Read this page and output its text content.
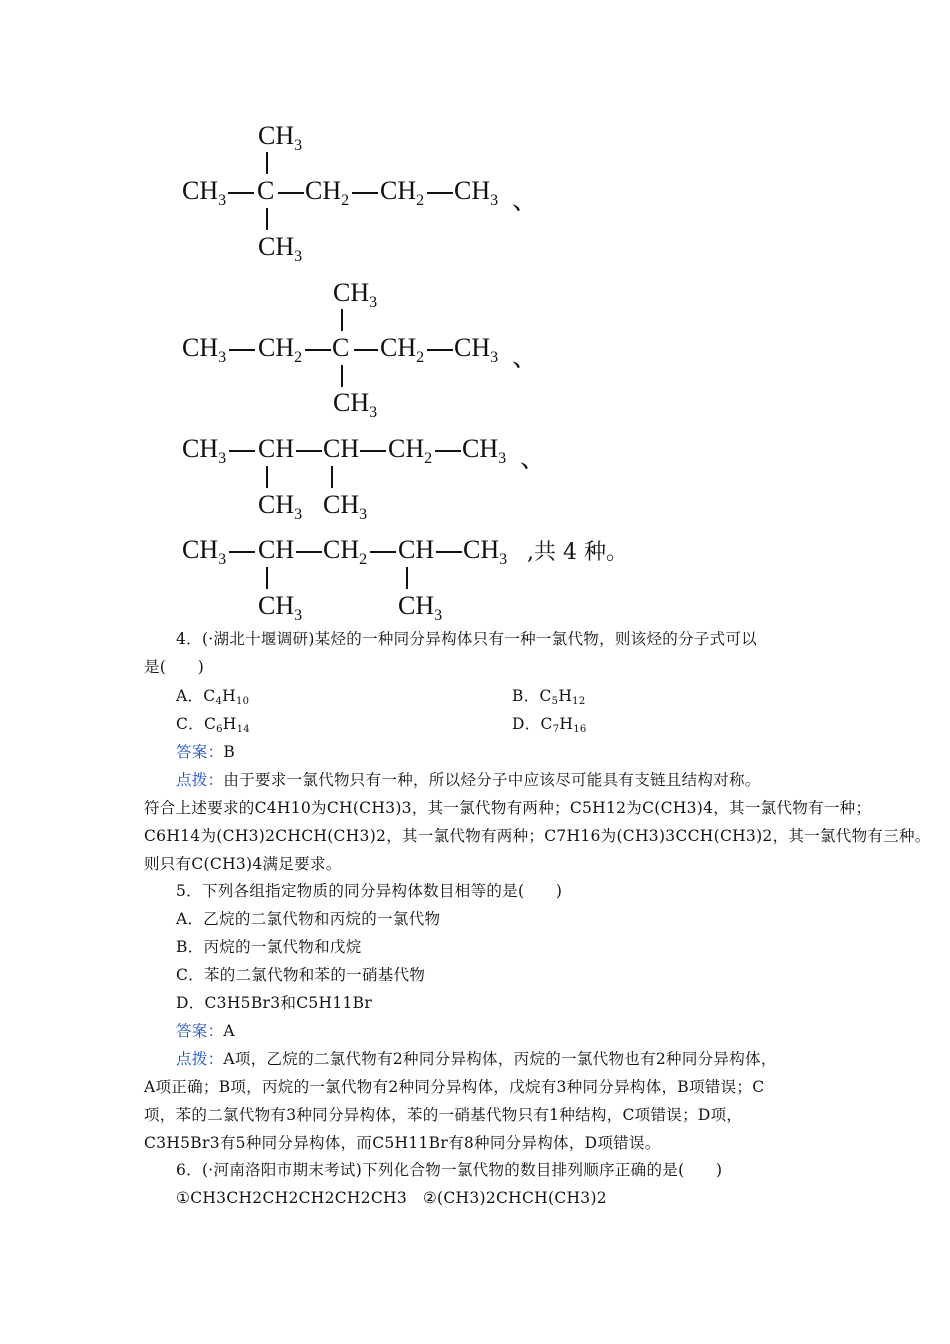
$CH_3$
$CH_3$ C $CH_2$ $CH_2$ $CH_3$ 、
$CH_3$
$CH_3$
$CH_3$ $CH_2$ C $CH_2$ $CH_3$ 、
$CH_3$
$CH_3$ CH CH $CH_2$ $CH_3$ 、
$CH_3$ $CH_3$
$CH_3$ CH $CH_2$ CH $CH_3$ ,共 4 种。
$CH_3$	$CH_3$
4．(·湖北十堰调研)某烃的一种同分异构体只有一种一氯代物，则该烃的分子式可以
是(　　)
A．$C_4H_{10}$	B．$C_5H_{12}$
C．$C_6H_{14}$	D．$C_7H_{16}$
答案：B
点拨：由于要求一氯代物只有一种，所以烃分子中应该尽可能具有支链且结构对称。
符合上述要求的C4H10为CH(CH3)3，其一氯代物有两种；C5H12为C(CH3)4，其一氯代物有一种；
C6H14为(CH3)2CHCH(CH3)2，其一氯代物有两种；C7H16为(CH3)3CCH(CH3)2，其一氯代物有三种。
则只有C(CH3)4满足要求。
5．下列各组指定物质的同分异构体数目相等的是(　　)
A．乙烷的二氯代物和丙烷的一氯代物
B．丙烷的一氯代物和戊烷
C．苯的二氯代物和苯的一硝基代物
D．C3H5Br3和C5H11Br
答案：A
点拨：A项，乙烷的二氯代物有2种同分异构体，丙烷的一氯代物也有2种同分异构体，
A项正确；B项，丙烷的一氯代物有2种同分异构体，戊烷有3种同分异构体，B项错误；C
项，苯的二氯代物有3种同分异构体，苯的一硝基代物只有1种结构，C项错误；D项，
C3H5Br3有5种同分异构体，而C5H11Br有8种同分异构体，D项错误。
6．(·河南洛阳市期末考试)下列化合物一氯代物的数目排列顺序正确的是(　　)
①CH3CH2CH2CH2CH2CH3　②(CH3)2CHCH(CH3)2
